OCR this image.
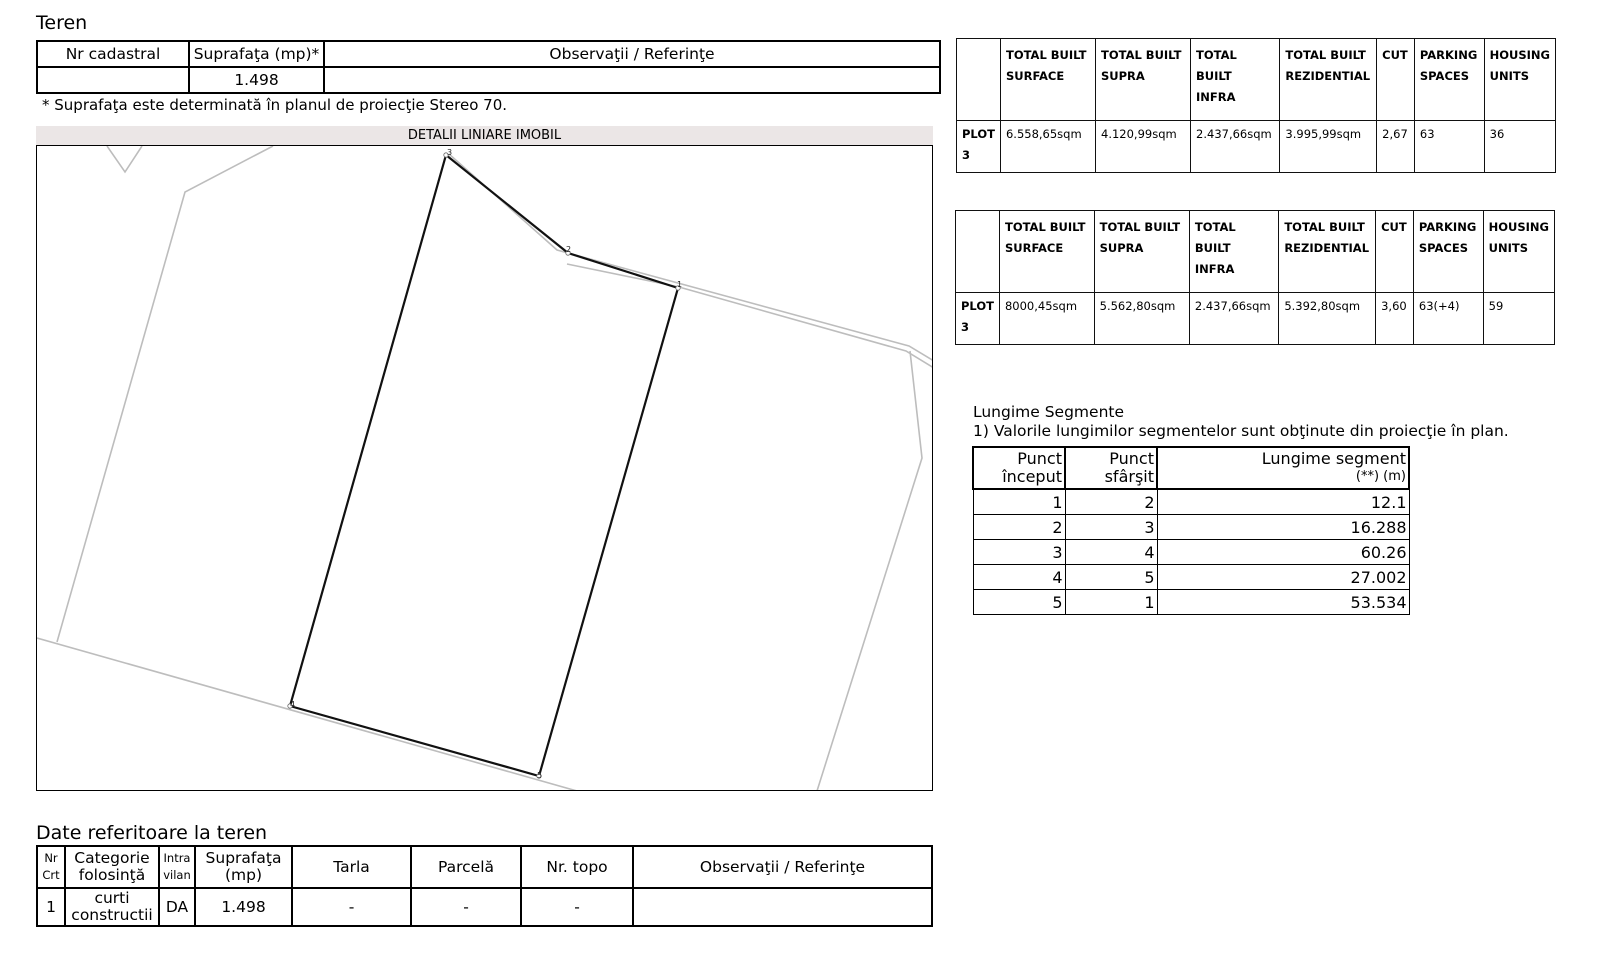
Teren
Nr cadastral	Suprafaţa (mp)*	Observaţii / Referinţe
	1.498	
* Suprafaţa este determinată în planul de proiecţie Stereo 70.
DETALII LINIARE IMOBIL
1
2
3
4
5
	TOTAL BUILT SURFACE	TOTAL BUILT SUPRA	TOTAL BUILT INFRA	TOTAL BUILT REZIDENTIAL	CUT	PARKING SPACES	HOUSING UNITS
PLOT 3	6.558,65sqm	4.120,99sqm	2.437,66sqm	3.995,99sqm	2,67	63	36
	TOTAL BUILT SURFACE	TOTAL BUILT SUPRA	TOTAL BUILT INFRA	TOTAL BUILT REZIDENTIAL	CUT	PARKING SPACES	HOUSING UNITS
PLOT 3	8000,45sqm	5.562,80sqm	2.437,66sqm	5.392,80sqm	3,60	63(+4)	59
Lungime Segmente
1) Valorile lungimilor segmentelor sunt obţinute din proiecţie în plan.
Punct început	Punct sfârşit	Lungime segment
(**) (m)

1	2	12.1
2	3	16.288
3	4	60.26
4	5	27.002
5	1	53.534
Date referitoare la teren
Nr Crt	Categorie folosinţă	Intra vilan	Suprafaţa (mp)	Tarla	Parcelă	Nr. topo	Observaţii / Referinţe
1	curti constructii	DA	1.498	-	-	-	
